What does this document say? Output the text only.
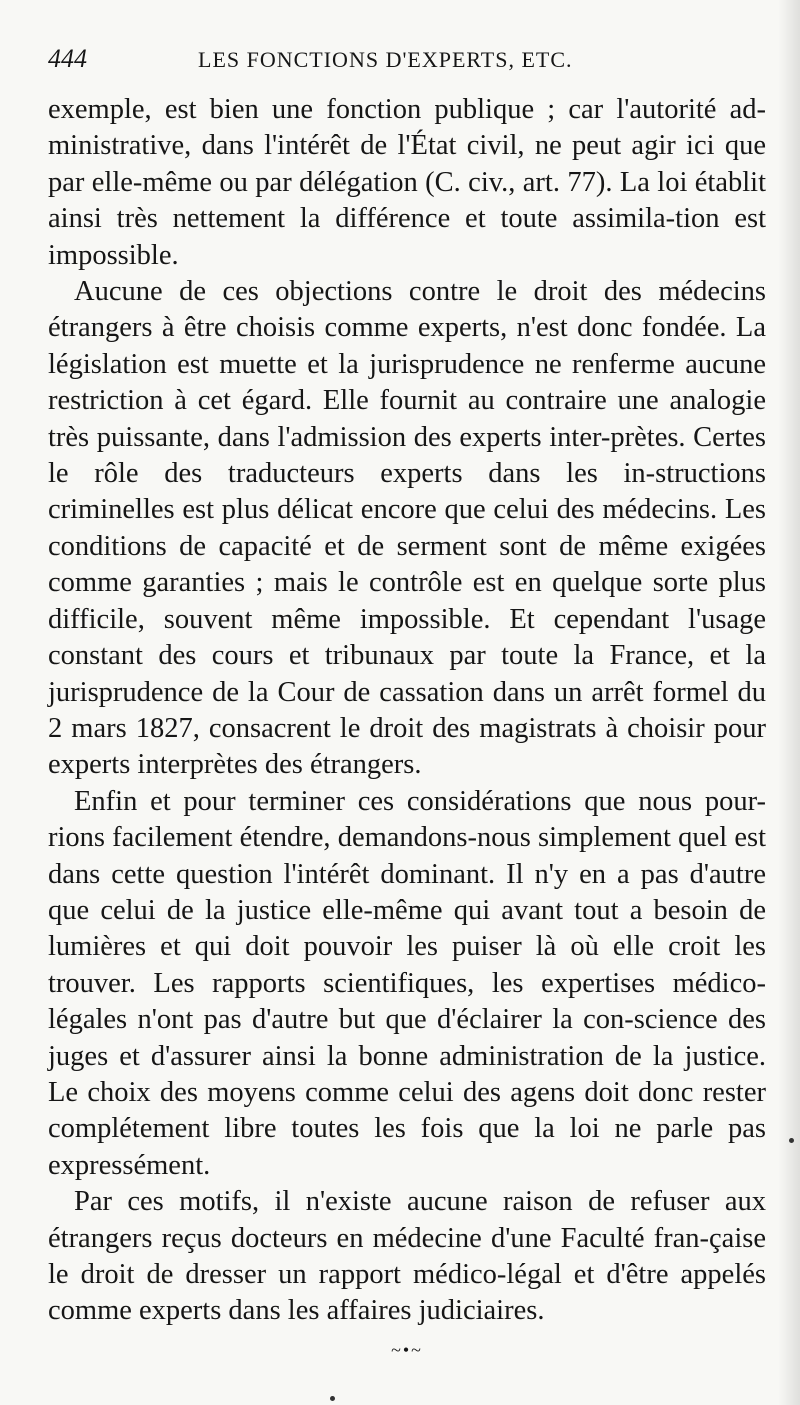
444	LES FONCTIONS D'EXPERTS, ETC.

exemple, est bien une fonction publique ; car l'autorité ad-ministrative, dans l'intérêt de l'État civil, ne peut agir ici que par elle-même ou par délégation (C. civ., art. 77). La loi établit ainsi très nettement la différence et toute assimila-tion est impossible.

Aucune de ces objections contre le droit des médecins étrangers à être choisis comme experts, n'est donc fondée. La législation est muette et la jurisprudence ne renferme aucune restriction à cet égard. Elle fournit au contraire une analogie très puissante, dans l'admission des experts inter-prètes. Certes le rôle des traducteurs experts dans les in-structions criminelles est plus délicat encore que celui des médecins. Les conditions de capacité et de serment sont de même exigées comme garanties ; mais le contrôle est en quelque sorte plus difficile, souvent même impossible. Et cependant l'usage constant des cours et tribunaux par toute la France, et la jurisprudence de la Cour de cassation dans un arrêt formel du 2 mars 1827, consacrent le droit des magistrats à choisir pour experts interprètes des étrangers.

Enfin et pour terminer ces considérations que nous pour-rions facilement étendre, demandons-nous simplement quel est dans cette question l'intérêt dominant. Il n'y en a pas d'autre que celui de la justice elle-même qui avant tout a besoin de lumières et qui doit pouvoir les puiser là où elle croit les trouver. Les rapports scientifiques, les expertises médico-légales n'ont pas d'autre but que d'éclairer la con-science des juges et d'assurer ainsi la bonne administration de la justice. Le choix des moyens comme celui des agens doit donc rester complétement libre toutes les fois que la loi ne parle pas expressément.

Par ces motifs, il n'existe aucune raison de refuser aux étrangers reçus docteurs en médecine d'une Faculté fran-çaise le droit de dresser un rapport médico-légal et d'être appelés comme experts dans les affaires judiciaires.

~•~
